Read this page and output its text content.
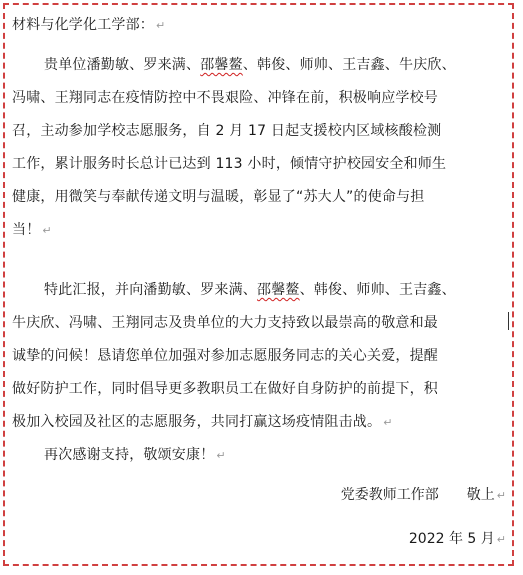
材料与化学化工学部： ↵
贵单位潘勤敏、罗来满、邵馨鳌、韩俊、师帅、王吉鑫、牛庆欣、
冯啸、王翔同志在疫情防控中不畏艰险、冲锋在前，积极响应学校号
召，主动参加学校志愿服务，自 2 月 17 日起支援校内区域核酸检测
工作，累计服务时长总计已达到 113 小时，倾情守护校园安全和师生
健康，用微笑与奉献传递文明与温暖，彰显了“苏大人”的使命与担
当！ ↵
特此汇报，并向潘勤敏、罗来满、邵馨鳌、韩俊、师帅、王吉鑫、
牛庆欣、冯啸、王翔同志及贵单位的大力支持致以最崇高的敬意和最
诚挚的问候！恳请您单位加强对参加志愿服务同志的关心关爱，提醒
做好防护工作，同时倡导更多教职员工在做好自身防护的前提下，积
极加入校园及社区的志愿服务，共同打赢这场疫情阻击战。 ↵
再次感谢支持，敬颂安康！ ↵
党委教师工作部　　敬上 ↵
2022 年 5 月 ↵
